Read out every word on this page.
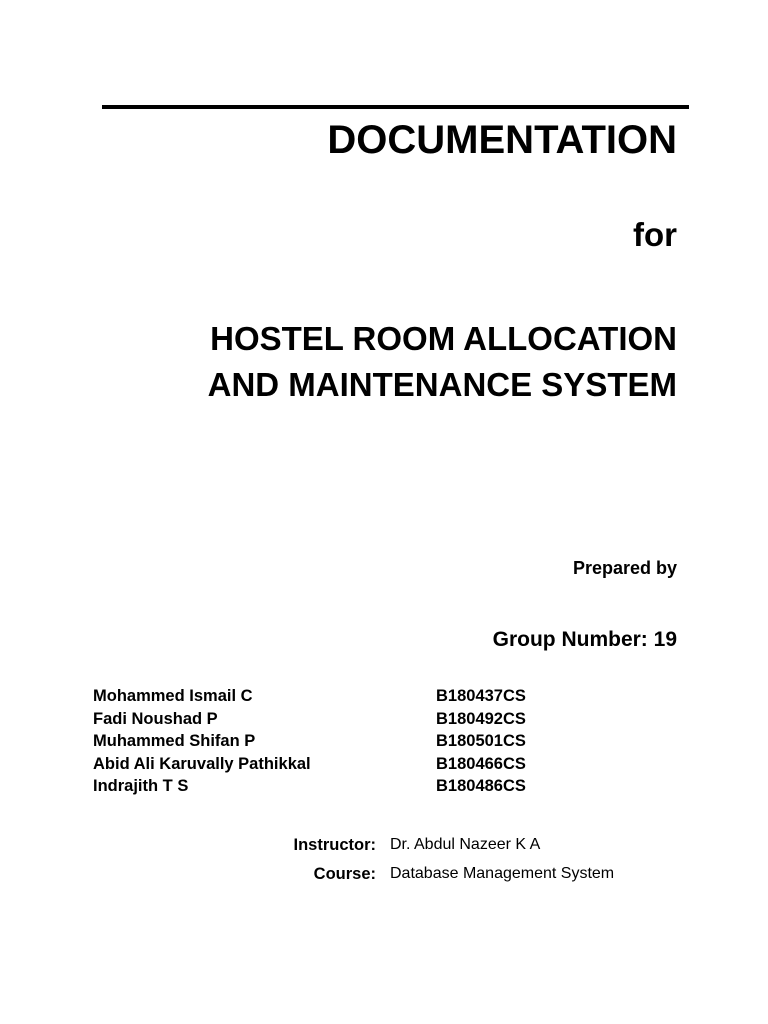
DOCUMENTATION
for
HOSTEL ROOM ALLOCATION
AND MAINTENANCE SYSTEM
Prepared by
Group Number: 19
Mohammed Ismail C	B180437CS
Fadi Noushad P	B180492CS
Muhammed Shifan P	B180501CS
Abid Ali Karuvally Pathikkal	B180466CS
Indrajith T S	B180486CS
Instructor: Dr. Abdul Nazeer K A
Course: Database Management System
